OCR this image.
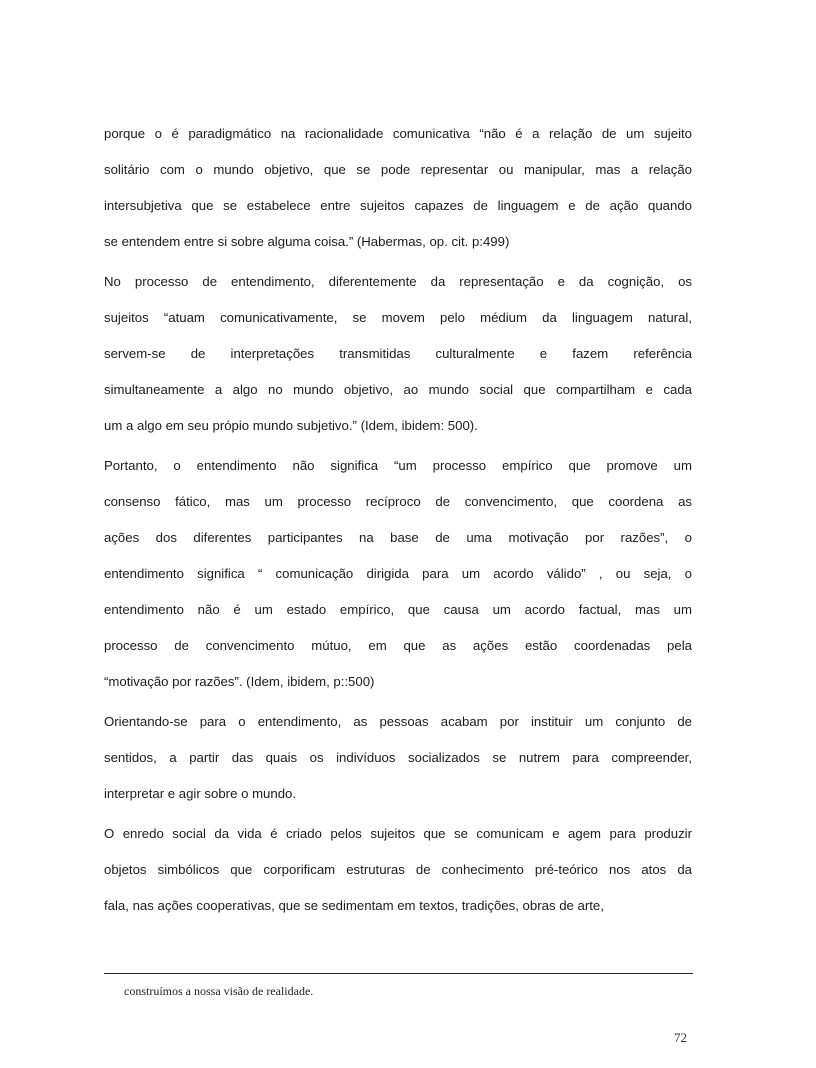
porque o é paradigmático na racionalidade comunicativa “não é a relação de um sujeito
solitário com o mundo objetivo, que se pode representar ou manipular, mas a relação
intersubjetiva que se estabelece entre sujeitos capazes de linguagem e de ação quando
se entendem entre si sobre alguma coisa.” (Habermas, op. cit. p:499)
No processo de entendimento, diferentemente da representação e da cognição, os
sujeitos “atuam comunicativamente, se movem pelo médium da linguagem natural,
servem-se de interpretações transmitidas culturalmente e fazem referência
simultaneamente a algo no mundo objetivo, ao mundo social que compartilham e cada
um a algo em seu própio mundo subjetivo.” (Idem, ibidem: 500).
Portanto, o entendimento não significa “um processo empírico que promove um
consenso fático, mas um processo recíproco de convencimento, que coordena as
ações dos diferentes participantes na base de uma motivação por razões”, o
entendimento significa “ comunicação dirigida para um acordo válido” , ou seja, o
entendimento não é um estado empírico, que causa um acordo factual, mas um
processo de convencimento mútuo, em que as ações estão coordenadas pela
“motivação por razões”. (Idem, ibidem, p::500)
Orientando-se para o entendimento, as pessoas acabam por instituir um conjunto de
sentidos, a partir das quais os indivíduos socializados se nutrem para compreender,
interpretar e agir sobre o mundo.
O enredo social da vida é criado pelos sujeitos que se comunicam e agem para produzir
objetos simbólicos que corporificam estruturas de conhecimento pré-teórico nos atos da
fala, nas ações cooperativas, que se sedimentam em textos, tradições, obras de arte,
construímos a nossa visão de realidade.
72
